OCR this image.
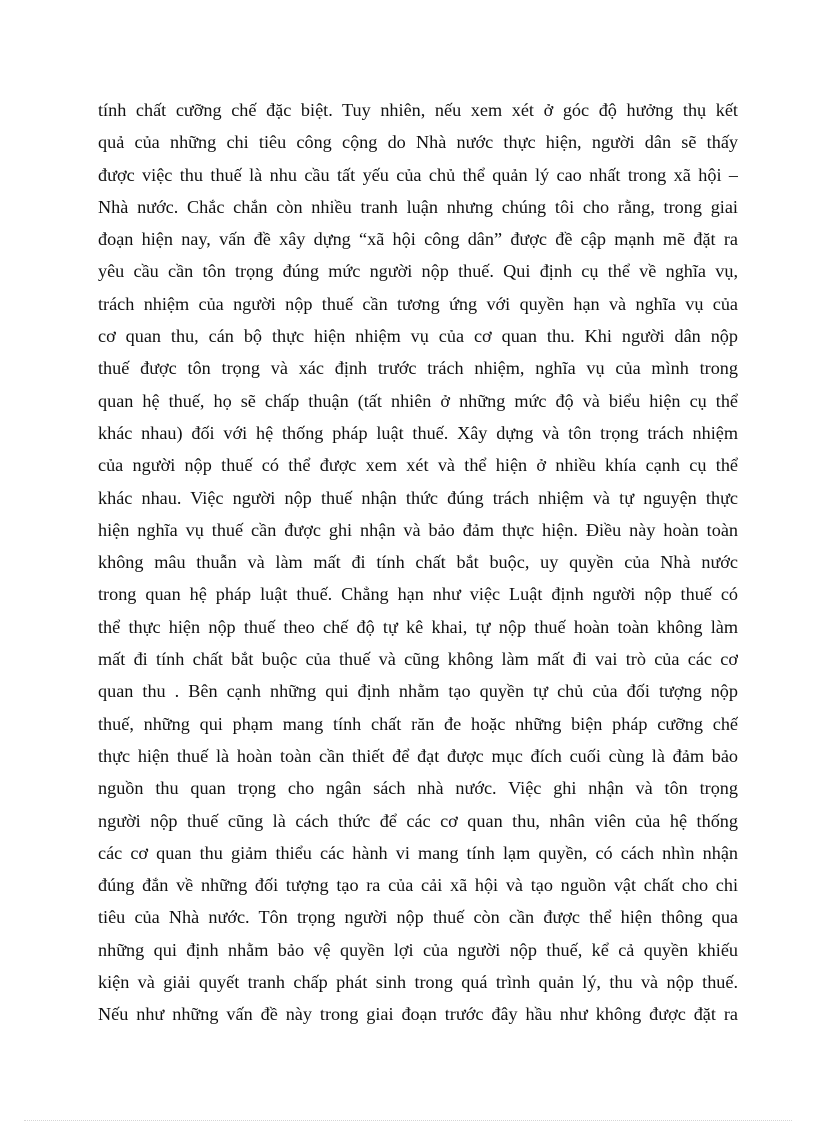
tính chất cưỡng chế đặc biệt. Tuy nhiên, nếu xem xét ở góc độ hưởng thụ kết
quả của những chi tiêu công cộng do Nhà nước thực hiện, người dân sẽ thấy
được việc thu thuế là nhu cầu tất yếu của chủ thể quản lý cao nhất trong xã hội –
Nhà nước. Chắc chắn còn nhiều tranh luận nhưng chúng tôi cho rằng, trong giai
đoạn hiện nay, vấn đề xây dựng “xã hội công dân” được đề cập mạnh mẽ đặt ra
yêu cầu cần tôn trọng đúng mức người nộp thuế. Qui định cụ thể về nghĩa vụ,
trách nhiệm của người nộp thuế cần tương ứng với quyền hạn và nghĩa vụ của
cơ quan thu, cán bộ thực hiện nhiệm vụ của cơ quan thu. Khi người dân nộp
thuế được tôn trọng và xác định trước trách nhiệm, nghĩa vụ của mình trong
quan hệ thuế, họ sẽ chấp thuận (tất nhiên ở những mức độ và biểu hiện cụ thể
khác nhau) đối với hệ thống pháp luật thuế. Xây dựng và tôn trọng trách nhiệm
của người nộp thuế có thể được xem xét và thể hiện ở nhiều khía cạnh cụ thể
khác nhau. Việc người nộp thuế nhận thức đúng trách nhiệm và tự nguyện thực
hiện nghĩa vụ thuế cần được ghi nhận và bảo đảm thực hiện. Điều này hoàn toàn
không mâu thuẫn và làm mất đi tính chất bắt buộc, uy quyền của Nhà nước
trong quan hệ pháp luật thuế. Chẳng hạn như việc Luật định người nộp thuế có
thể thực hiện nộp thuế theo chế độ tự kê khai, tự nộp thuế hoàn toàn không làm
mất đi tính chất bắt buộc của thuế và cũng không làm mất đi vai trò của các cơ
quan thu . Bên cạnh những qui định nhằm tạo quyền tự chủ của đối tượng nộp
thuế, những qui phạm mang tính chất răn đe hoặc những biện pháp cưỡng chế
thực hiện thuế là hoàn toàn cần thiết để đạt được mục đích cuối cùng là đảm bảo
nguồn thu quan trọng cho ngân sách nhà nước. Việc ghi nhận và tôn trọng
người nộp thuế cũng là cách thức để các cơ quan thu, nhân viên của hệ thống
các cơ quan thu giảm thiểu các hành vi mang tính lạm quyền, có cách nhìn nhận
đúng đắn về những đối tượng tạo ra của cải xã hội và tạo nguồn vật chất cho chi
tiêu của Nhà nước. Tôn trọng người nộp thuế còn cần được thể hiện thông qua
những qui định nhằm bảo vệ quyền lợi của người nộp thuế, kể cả quyền khiếu
kiện và giải quyết tranh chấp phát sinh trong quá trình quản lý, thu và nộp thuế.
Nếu như những vấn đề này trong giai đoạn trước đây hầu như không được đặt ra
